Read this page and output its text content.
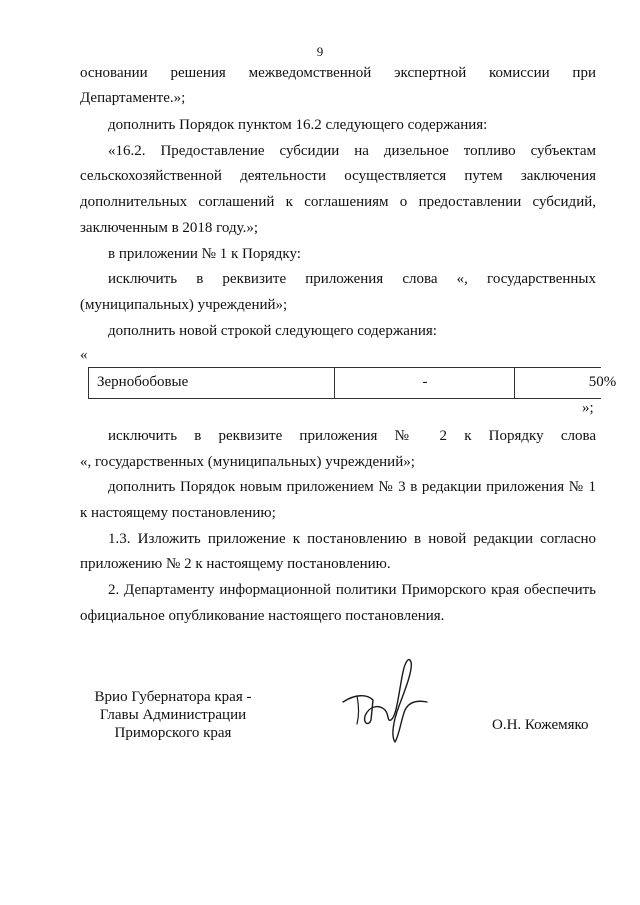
9
основании решения межведомственной экспертной комиссии при
Департаменте.»;
дополнить Порядок пунктом 16.2 следующего содержания:
«16.2. Предоставление субсидии на дизельное топливо субъектам
сельскохозяйственной деятельности осуществляется путем заключения
дополнительных соглашений к соглашениям о предоставлении субсидий,
заключенным в 2018 году.»;
в приложении № 1 к Порядку:
исключить в реквизите приложения слова «, государственных
(муниципальных) учреждений»;
дополнить новой строкой следующего содержания:
«
Зернобобовые	-	50%
»;
исключить в реквизите приложения № 2 к Порядку слова
«, государственных (муниципальных) учреждений»;
дополнить Порядок новым приложением № 3 в редакции приложения № 1
к настоящему постановлению;
1.3. Изложить приложение к постановлению в новой редакции согласно
приложению № 2 к настоящему постановлению.
2. Департаменту информационной политики Приморского края обеспечить
официальное опубликование настоящего постановления.
Врио Губернатора края -
Главы Администрации
Приморского края	О.Н. Кожемяко
